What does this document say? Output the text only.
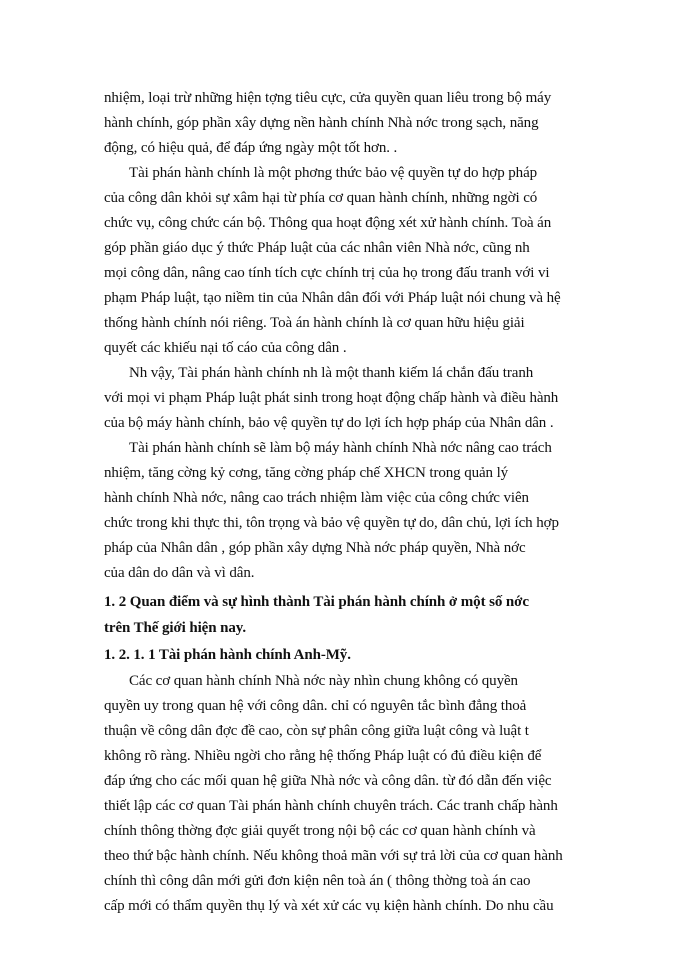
nhiệm, loại trừ những hiện tợng tiêu cực, cửa quyền quan liêu trong bộ máy
hành chính, góp phần xây dựng nền hành chính Nhà nớc trong sạch, năng
động, có hiệu quả, để đáp ứng ngày một tốt hơn. .
Tài phán hành chính là một phơng thức bảo vệ quyền tự do hợp pháp
của công dân khỏi sự xâm hại từ phía cơ quan hành chính, những ngời có
chức vụ, công chức cán bộ. Thông qua hoạt động xét xử hành chính. Toà án
góp phần giáo dục ý thức Pháp luật của các nhân viên Nhà nớc, cũng nh
mọi công dân, nâng cao tính tích cực chính trị của họ trong đấu tranh với vi
phạm Pháp luật, tạo niềm tin của Nhân dân đối với Pháp luật nói chung và hệ
thống hành chính nói riêng. Toà án hành chính là cơ quan hữu hiệu giải
quyết các khiếu nại tố cáo của công dân .
Nh vậy, Tài phán hành chính nh là một thanh kiếm lá chắn đấu tranh
với mọi vi phạm Pháp luật phát sinh trong hoạt động chấp hành và điều hành
của bộ máy hành chính, bảo vệ quyền tự do lợi ích hợp pháp của Nhân dân .
Tài phán hành chính sẽ làm bộ máy hành chính Nhà nớc nâng cao trách
nhiệm, tăng cờng kỷ cơng, tăng cờng pháp chế XHCN trong quản lý
hành chính Nhà nớc, nâng cao trách nhiệm làm việc của công chức viên
chức trong khi thực thi, tôn trọng và bảo vệ quyền tự do, dân chủ, lợi ích hợp
pháp của Nhân dân , góp phần xây dựng Nhà nớc pháp quyền, Nhà nớc
của dân do dân và vì dân.
1. 2 Quan điểm và sự hình thành Tài phán hành chính ở một số nớc
trên Thế giới hiện nay.
1. 2. 1. 1 Tài phán hành chính Anh-Mỹ.
Các cơ quan hành chính Nhà nớc này nhìn chung không có quyền
quyền uy trong quan hệ với công dân. chỉ có nguyên tắc bình đẳng thoả
thuận về công dân đợc đề cao, còn sự phân công giữa luật công và luật t
không rõ ràng. Nhiều ngời cho rằng hệ thống Pháp luật có đủ điều kiện để
đáp ứng cho các mối quan hệ giữa Nhà nớc và công dân. từ đó dẫn đến việc
thiết lập các cơ quan Tài phán hành chính chuyên trách. Các tranh chấp hành
chính thông thờng đợc giải quyết trong nội bộ các cơ quan hành chính và
theo thứ bậc hành chính. Nếu không thoả mãn với sự trả lời của cơ quan hành
chính thì công dân mới gửi đơn kiện nên toà án ( thông thờng toà án cao
cấp mới có thẩm quyền thụ lý và xét xử các vụ kiện hành chính. Do nhu cầu
